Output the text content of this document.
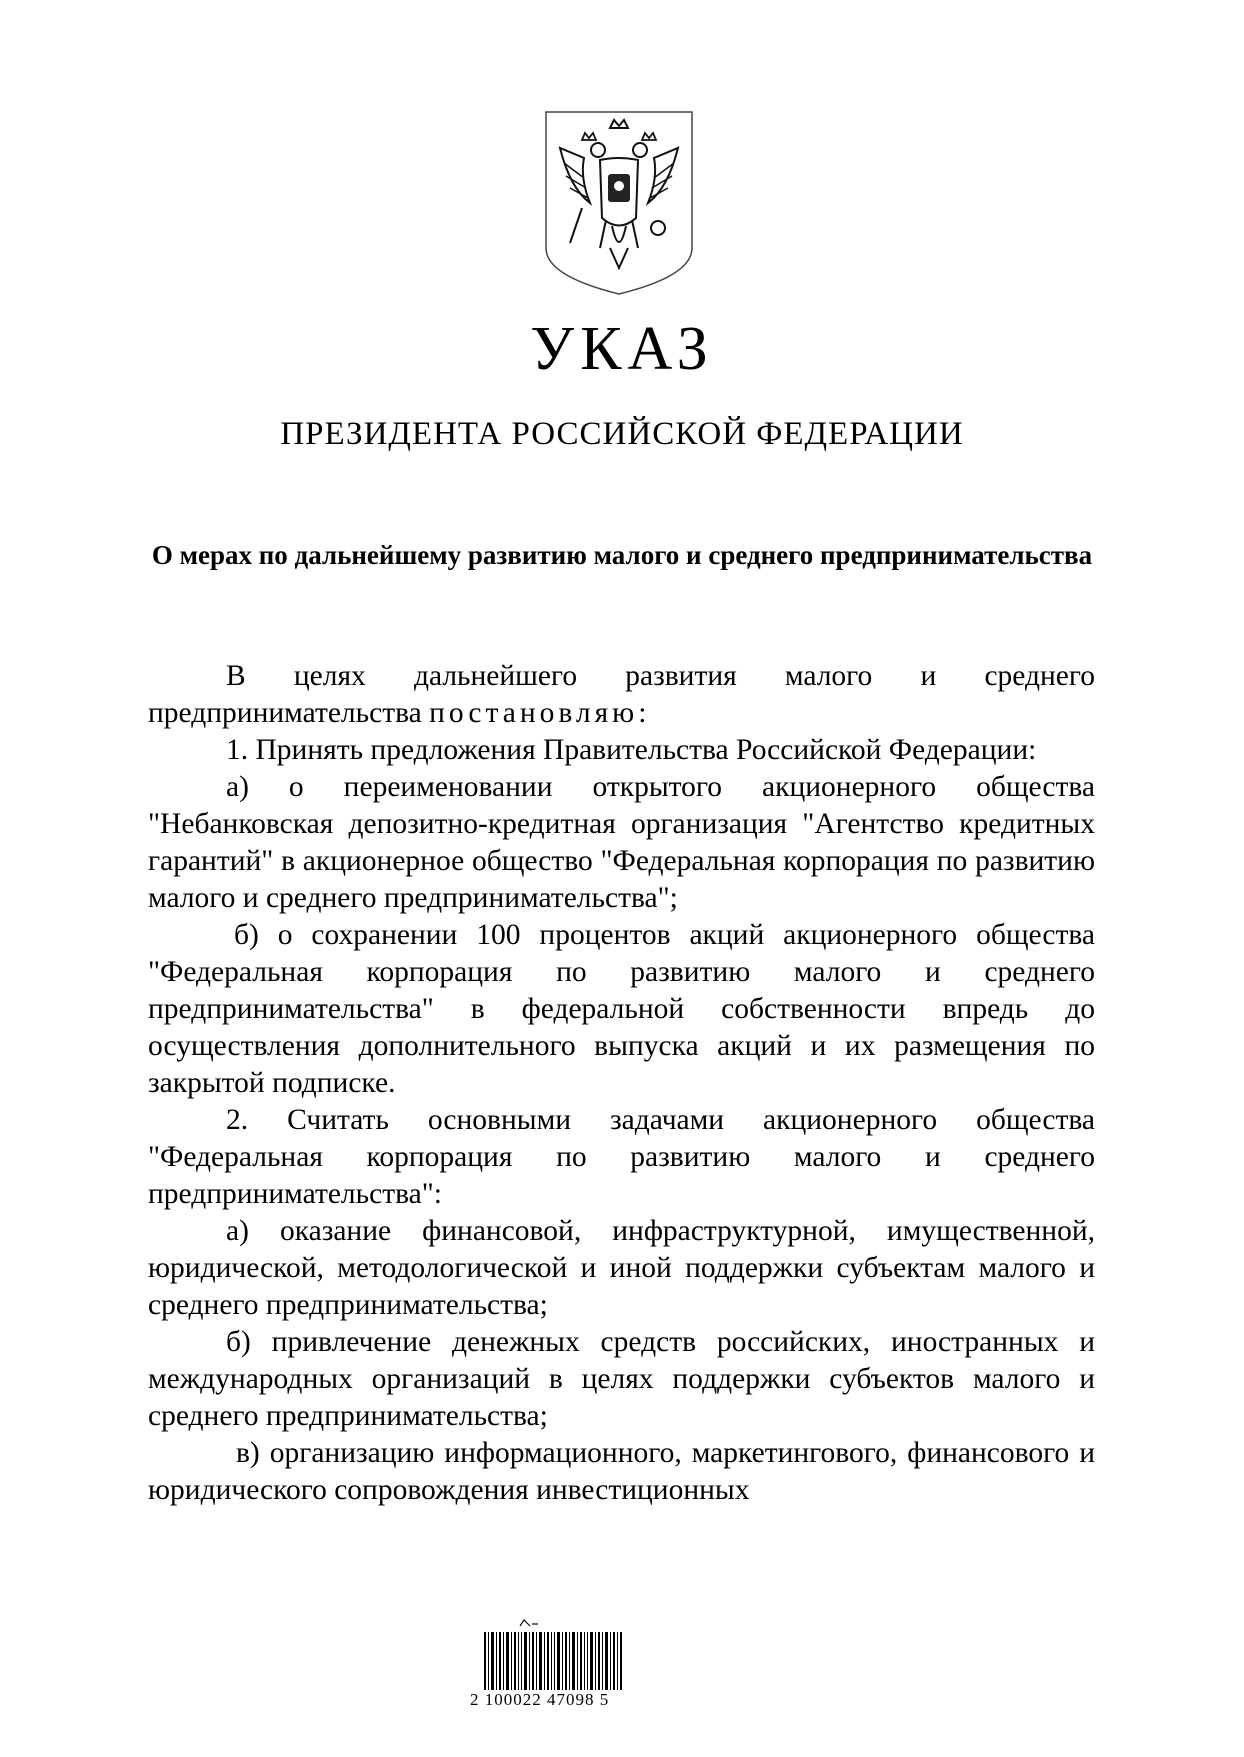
УКАЗ
ПРЕЗИДЕНТА РОССИЙСКОЙ ФЕДЕРАЦИИ
О мерах по дальнейшему развитию малого и среднего предпринимательства

В целях дальнейшего развития малого и среднего предпринимательства постановляю:

1. Принять предложения Правительства Российской Федерации:

а) о переименовании открытого акционерного общества "Небанковская депозитно-кредитная организация "Агентство кредитных гарантий" в акционерное общество "Федеральная корпорация по развитию малого и среднего предпринимательства";

б) о сохранении 100 процентов акций акционерного общества "Федеральная корпорация по развитию малого и среднего предпринимательства" в федеральной собственности впредь до осуществления дополнительного выпуска акций и их размещения по закрытой подписке.

2. Считать основными задачами акционерного общества "Федеральная корпорация по развитию малого и среднего предпринимательства":

а) оказание финансовой, инфраструктурной, имущественной, юридической, методологической и иной поддержки субъектам малого и среднего предпринимательства;

б) привлечение денежных средств российских, иностранных и международных организаций в целях поддержки субъектов малого и среднего предпринимательства;

в) организацию информационного, маркетингового, финансового и юридического сопровождения инвестиционных

2 100022 47098 5
